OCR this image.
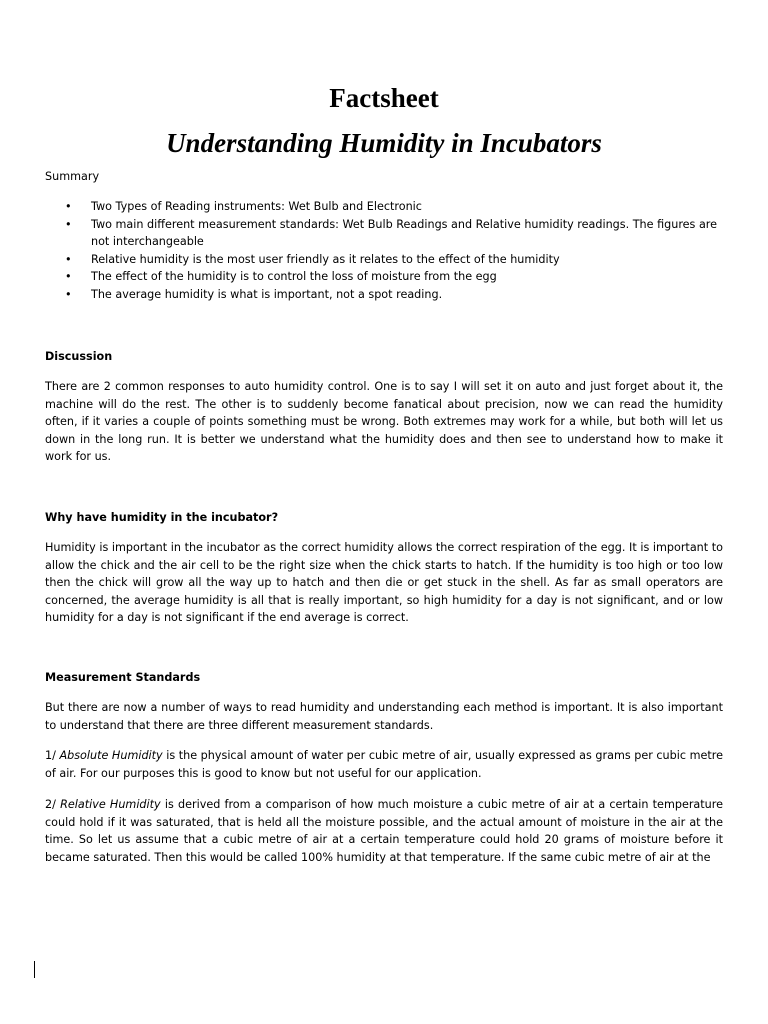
Factsheet
Understanding Humidity in Incubators

Summary

• Two Types of Reading instruments: Wet Bulb and Electronic
• Two main different measurement standards: Wet Bulb Readings and Relative humidity readings. The figures are not interchangeable
• Relative humidity is the most user friendly as it relates to the effect of the humidity
• The effect of the humidity is to control the loss of moisture from the egg
• The average humidity is what is important, not a spot reading.

Discussion

There are 2 common responses to auto humidity control. One is to say I will set it on auto and just forget about it, the machine will do the rest. The other is to suddenly become fanatical about precision, now we can read the humidity often, if it varies a couple of points something must be wrong. Both extremes may work for a while, but both will let us down in the long run. It is better we understand what the humidity does and then see to understand how to make it work for us.

Why have humidity in the incubator?

Humidity is important in the incubator as the correct humidity allows the correct respiration of the egg. It is important to allow the chick and the air cell to be the right size when the chick starts to hatch. If the humidity is too high or too low then the chick will grow all the way up to hatch and then die or get stuck in the shell. As far as small operators are concerned, the average humidity is all that is really important, so high humidity for a day is not significant, and or low humidity for a day is not significant if the end average is correct.

Measurement Standards

But there are now a number of ways to read humidity and understanding each method is important. It is also important to understand that there are three different measurement standards.

1/ Absolute Humidity is the physical amount of water per cubic metre of air, usually expressed as grams per cubic metre of air. For our purposes this is good to know but not useful for our application.

2/ Relative Humidity is derived from a comparison of how much moisture a cubic metre of air at a certain temperature could hold if it was saturated, that is held all the moisture possible, and the actual amount of moisture in the air at the time. So let us assume that a cubic metre of air at a certain temperature could hold 20 grams of moisture before it became saturated. Then this would be called 100% humidity at that temperature. If the same cubic metre of air at the
